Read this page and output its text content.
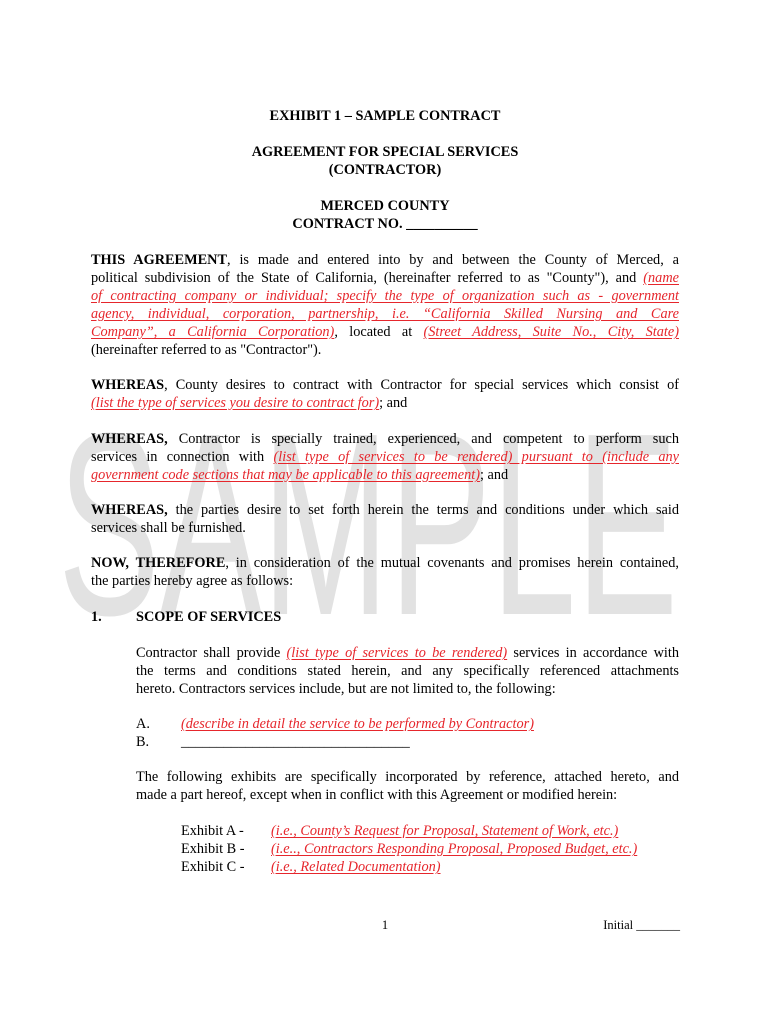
SAMPLE
EXHIBIT 1 – SAMPLE CONTRACT
AGREEMENT FOR SPECIAL SERVICES
(CONTRACTOR)
MERCED COUNTY
CONTRACT NO. __________
THIS AGREEMENT, is made and entered into by and between the County of Merced, a
political subdivision of the State of California, (hereinafter referred to as "County"), and (name
of contracting company or individual; specify the type of organization such as - government
agency, individual, corporation, partnership, i.e. “California Skilled Nursing and Care
Company”, a California Corporation), located at (Street Address, Suite No., City, State)
(hereinafter referred to as "Contractor").
WHEREAS, County desires to contract with Contractor for special services which consist of
(list the type of services you desire to contract for); and
WHEREAS, Contractor is specially trained, experienced, and competent to perform such
services in connection with (list type of services to be rendered) pursuant to (include any
government code sections that may be applicable to this agreement); and
WHEREAS, the parties desire to set forth herein the terms and conditions under which said
services shall be furnished.
NOW, THEREFORE, in consideration of the mutual covenants and promises herein contained,
the parties hereby agree as follows:
1. SCOPE OF SERVICES
Contractor shall provide (list type of services to be rendered) services in accordance with
the terms and conditions stated herein, and any specifically referenced attachments
hereto. Contractors services include, but are not limited to, the following:
A. (describe in detail the service to be performed by Contractor)
B. ________________________________
The following exhibits are specifically incorporated by reference, attached hereto, and
made a part hereof, except when in conflict with this Agreement or modified herein:
Exhibit A - (i.e., County’s Request for Proposal, Statement of Work, etc.)
Exhibit B - (i.e.., Contractors Responding Proposal, Proposed Budget, etc.)
Exhibit C - (i.e., Related Documentation)
1	Initial _______
